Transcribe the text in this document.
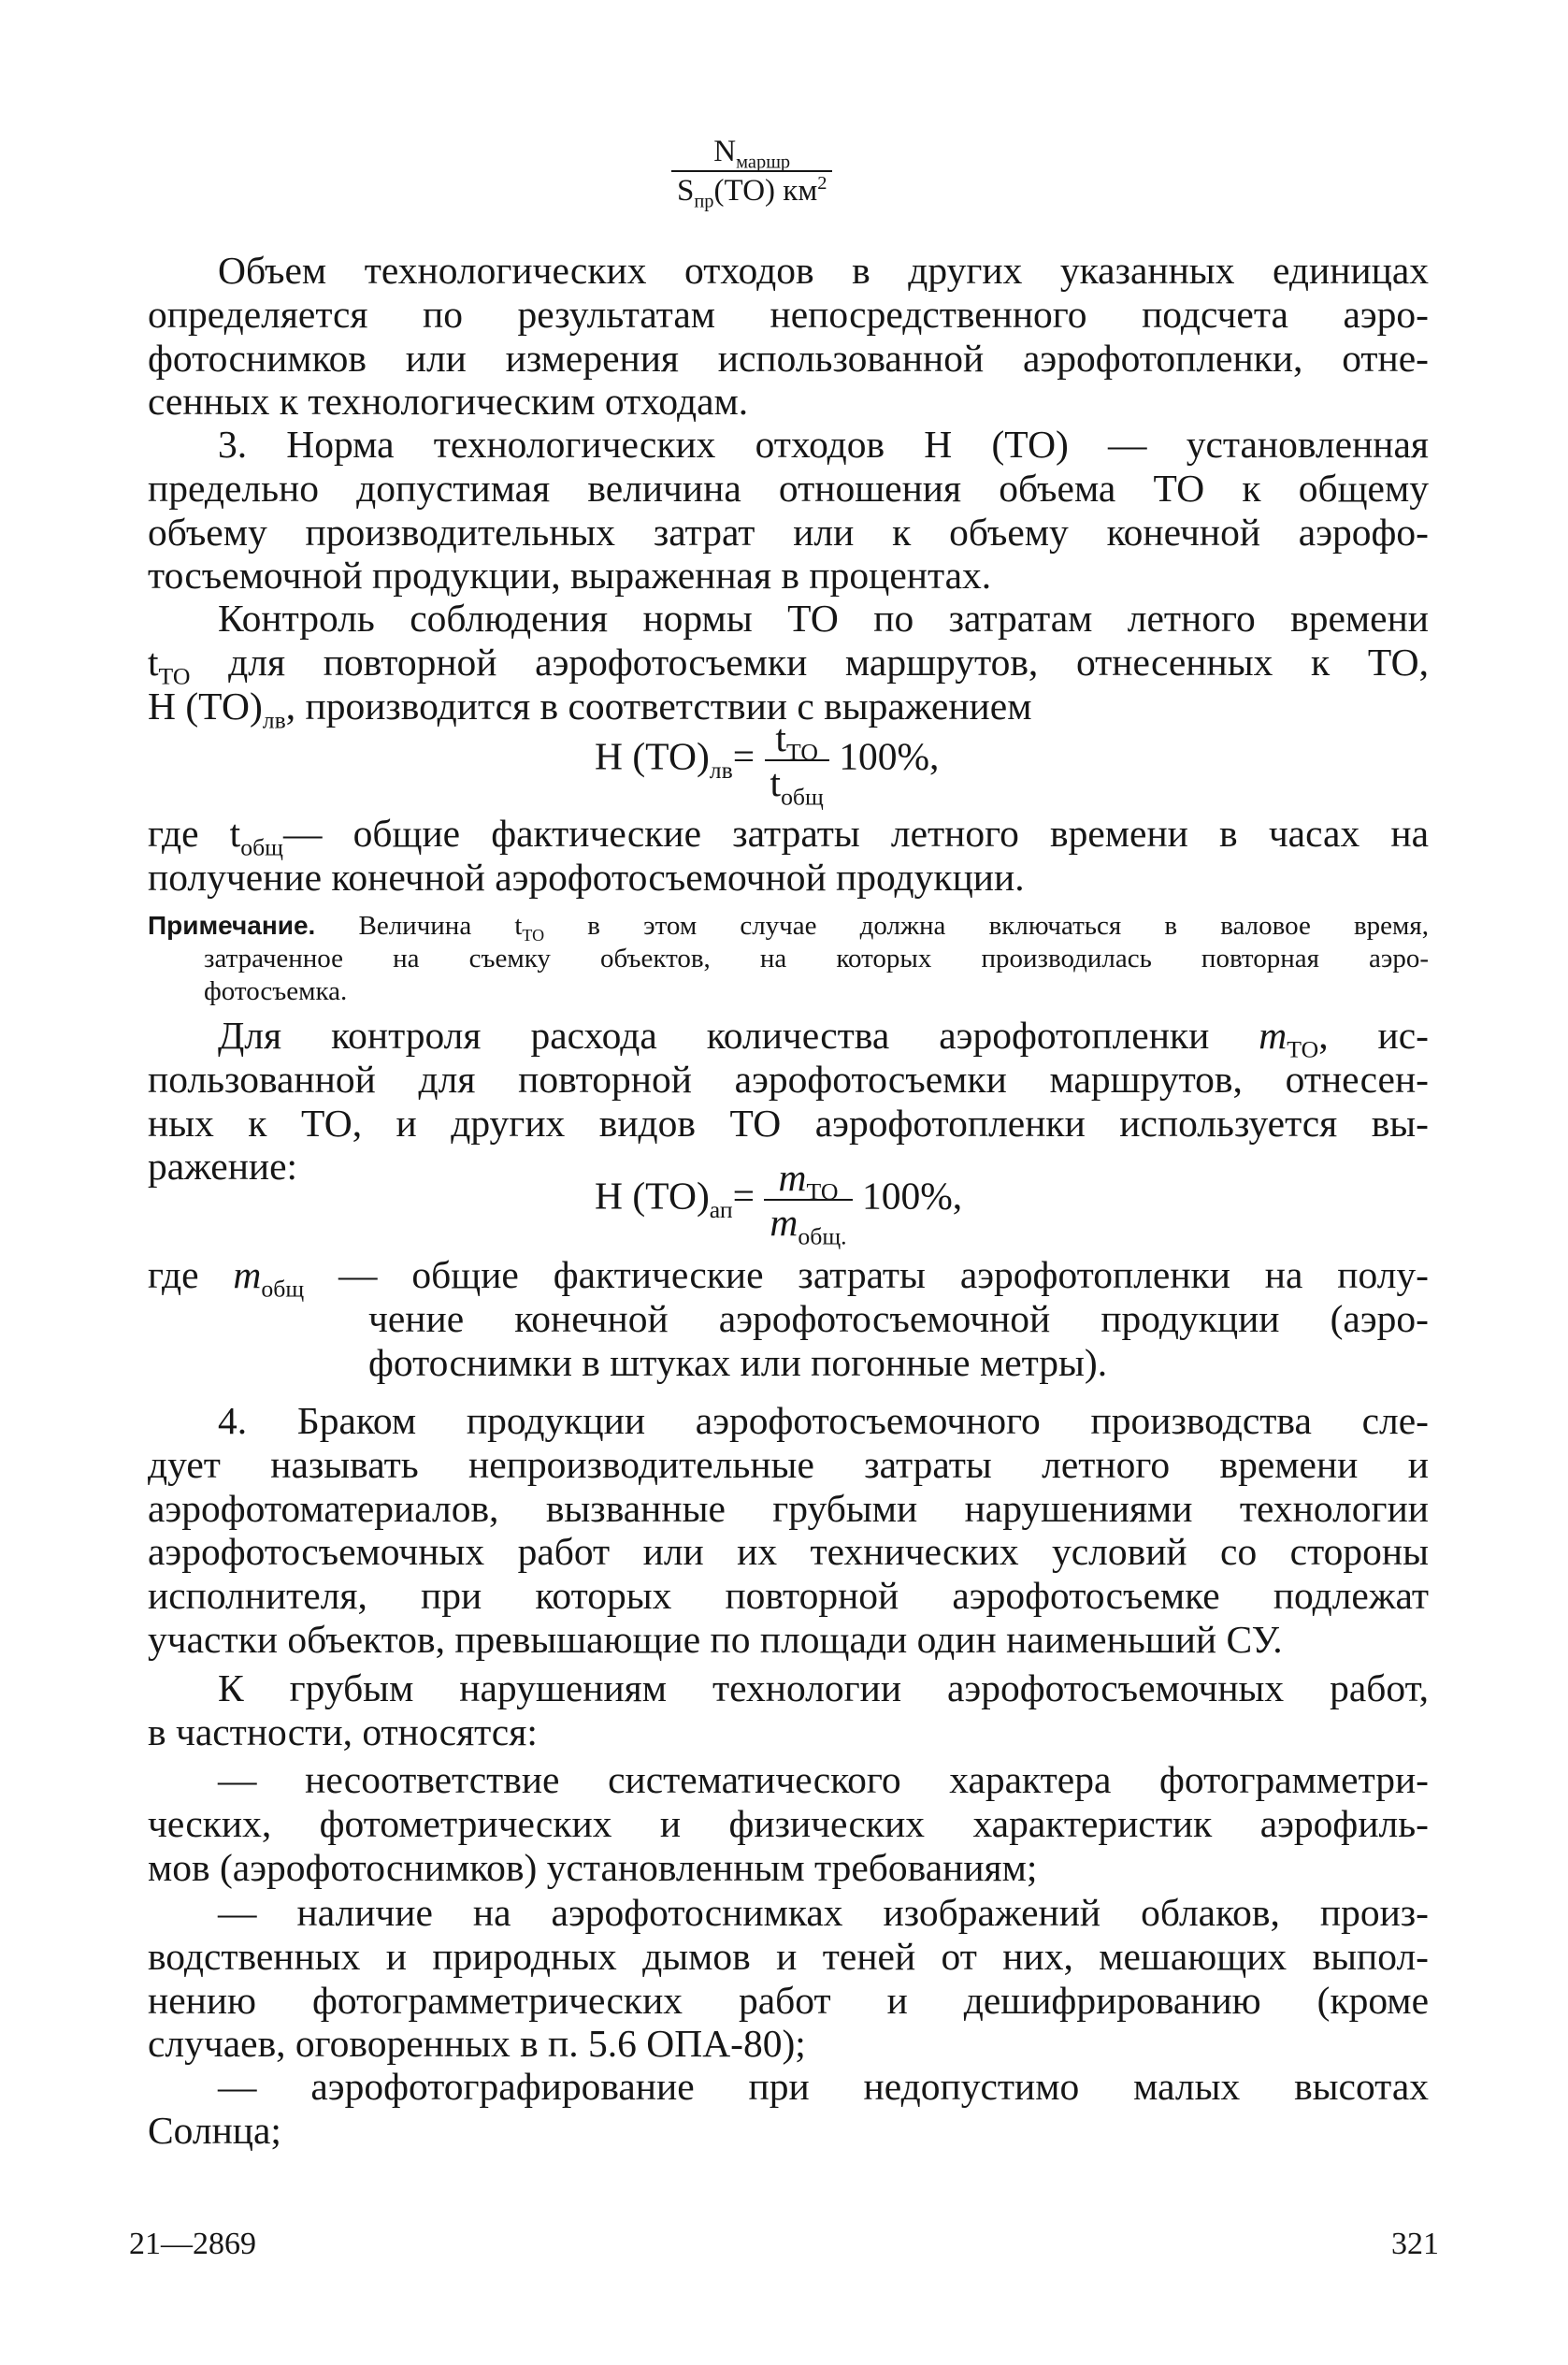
$\frac{N_{маршр}}{S_{пр}(ТО) км^2}$
Объем технологических отходов в других указанных единицах
определяется по результатам непосредственного подсчета аэро-
фотоснимков или измерения использованной аэрофотопленки, отне-
сенных к технологическим отходам.
3. Норма технологических отходов Н (ТО) — установленная
предельно допустимая величина отношения объема ТО к общему
объему производительных затрат или к объему конечной аэрофо-
тосъемочной продукции, выраженная в процентах.
Контроль соблюдения нормы ТО по затратам летного времени
$t_{ТО}$ для повторной аэрофотосъемки маршрутов, отнесенных к ТО,
Н $(ТО)_{лв}$, производится в соответствии с выражением
Н $(ТО)_{лв}= \frac{t_{ТО}}{t_{общ}} 100\%$,
где $t_{общ}—$ общие фактические затраты летного времени в часах на
получение конечной аэрофотосъемочной продукции.
Примечание. Величина $t_{ТО}$ в этом случае должна включаться в валовое время,
затраченное на съемку объектов, на которых производилась повторная аэро-
фотосъемка.
Для контроля расхода количества аэрофотопленки $m_{ТО}$, ис-
пользованной для повторной аэрофотосъемки маршрутов, отнесен-
ных к ТО, и других видов ТО аэрофотопленки используется вы-
ражение:
Н $(ТО)_{ап}= \frac{m_{ТО}}{m_{общ.}} 100\%$,
где $m_{общ}$ — общие фактические затраты аэрофотопленки на полу-
чение конечной аэрофотосъемочной продукции (аэро-
фотоснимки в штуках или погонные метры).
4. Браком продукции аэрофотосъемочного производства сле-
дует называть непроизводительные затраты летного времени и
аэрофотоматериалов, вызванные грубыми нарушениями технологии
аэрофотосъемочных работ или их технических условий со стороны
исполнителя, при которых повторной аэрофотосъемке подлежат
участки объектов, превышающие по площади один наименьший СУ.
К грубым нарушениям технологии аэрофотосъемочных работ,
в частности, относятся:
— несоответствие систематического характера фотограмметри-
ческих, фотометрических и физических характеристик аэрофиль-
мов (аэрофотоснимков) установленным требованиям;
— наличие на аэрофотоснимках изображений облаков, произ-
водственных и природных дымов и теней от них, мешающих выпол-
нению фотограмметрических работ и дешифрированию (кроме
случаев, оговоренных в п. 5.6 ОПА-80);
— аэрофотографирование при недопустимо малых высотах
Солнца;
21—2869	321
